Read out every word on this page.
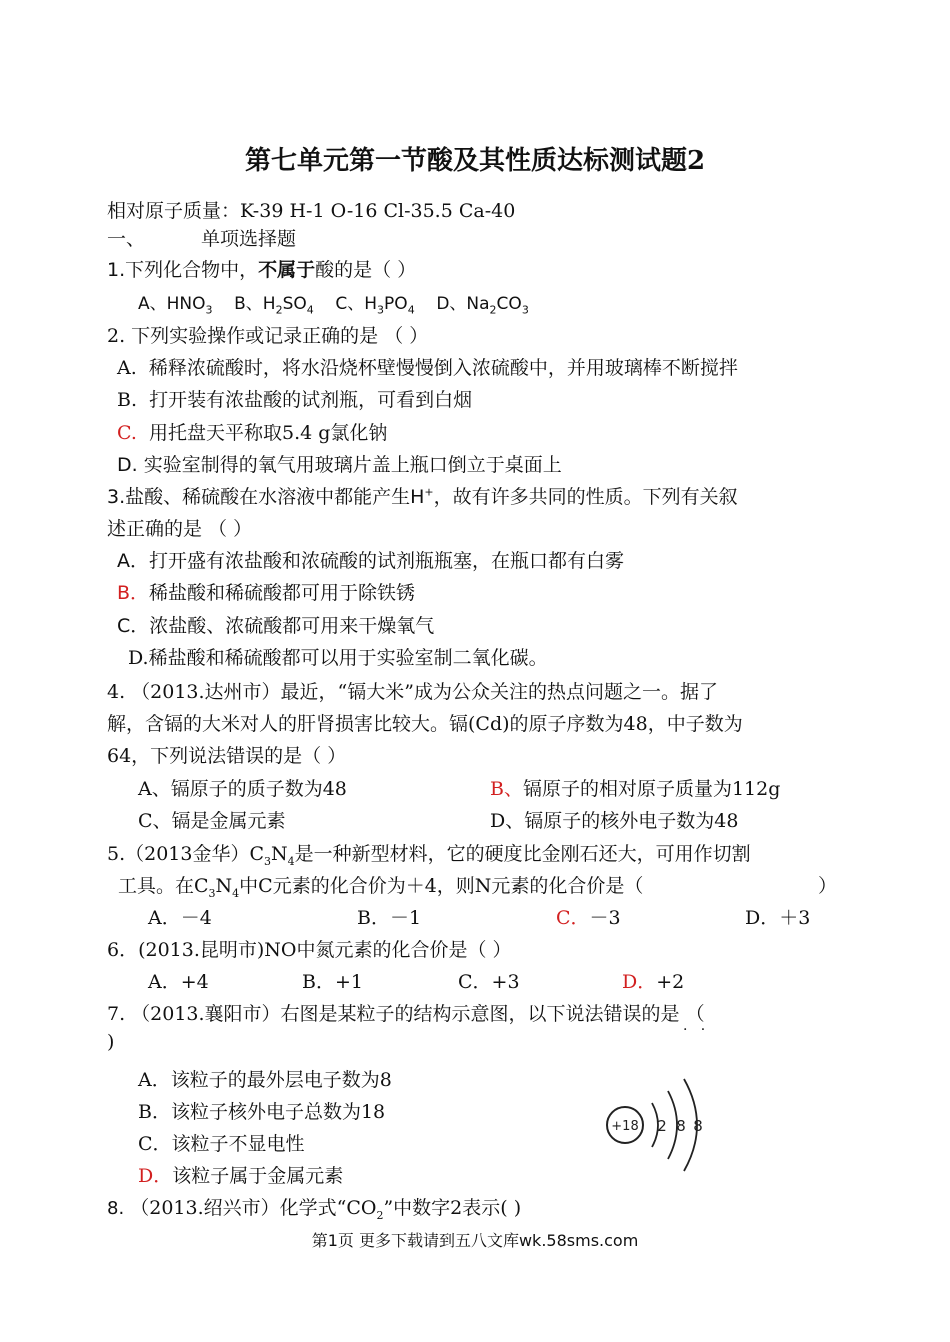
第七单元第一节酸及其性质达标测试题2
相对原子质量：K-39 H-1 O-16 Cl-35.5 Ca-40
一、	单项选择题
1.下列化合物中，不属于酸的是（ ）
A、$HNO_3$ B、$H_2SO_4$ C、$H_3PO_4$ D、$Na_2CO_3$
2. 下列实验操作或记录正确的是 （ ）
A. 稀释浓硫酸时，将水沿烧杯壁慢慢倒入浓硫酸中，并用玻璃棒不断搅拌
B. 打开装有浓盐酸的试剂瓶，可看到白烟
C. 用托盘天平称取5.4 g氯化钠
D. 实验室制得的氧气用玻璃片盖上瓶口倒立于桌面上
3.盐酸、稀硫酸在水溶液中都能产生H+，故有许多共同的性质。下列有关叙
述正确的是 （ ）
A．打开盛有浓盐酸和浓硫酸的试剂瓶瓶塞，在瓶口都有白雾
B．稀盐酸和稀硫酸都可用于除铁锈
C．浓盐酸、浓硫酸都可用来干燥氧气
D.稀盐酸和稀硫酸都可以用于实验室制二氧化碳。
4. （2013.达州市）最近，“镉大米”成为公众关注的热点问题之一。据了
解，含镉的大米对人的肝肾损害比较大。镉(Cd)的原子序数为48，中子数为
64，下列说法错误的是（ ）
A、镉原子的质子数为48	B、镉原子的相对原子质量为112g
C、镉是金属元素	D、镉原子的核外电子数为48
5.（2013金华）$C_3N_4$是一种新型材料，它的硬度比金刚石还大，可用作切割
工具。在$C_3N_4$中C元素的化合价为＋4，则N元素的化合价是（	）
A．－4	B．－1	C．－3	D．＋3
6．(2013.昆明市)NO中氮元素的化合价是（ ）
A．+4	B．+1	C．+3	D．+2
7. （2013.襄阳市）右图是某粒子的结构示意图，以下说法错误的是 （
·   ·
)
A．该粒子的最外层电子数为8
B．该粒子核外电子总数为18
C．该粒子不显电性
D．该粒子属于金属元素
+18 2 8 8
8. （2013.绍兴市）化学式“$CO_2$”中数字2表示( )
第1页 更多下载请到五八文库wk.58sms.com
